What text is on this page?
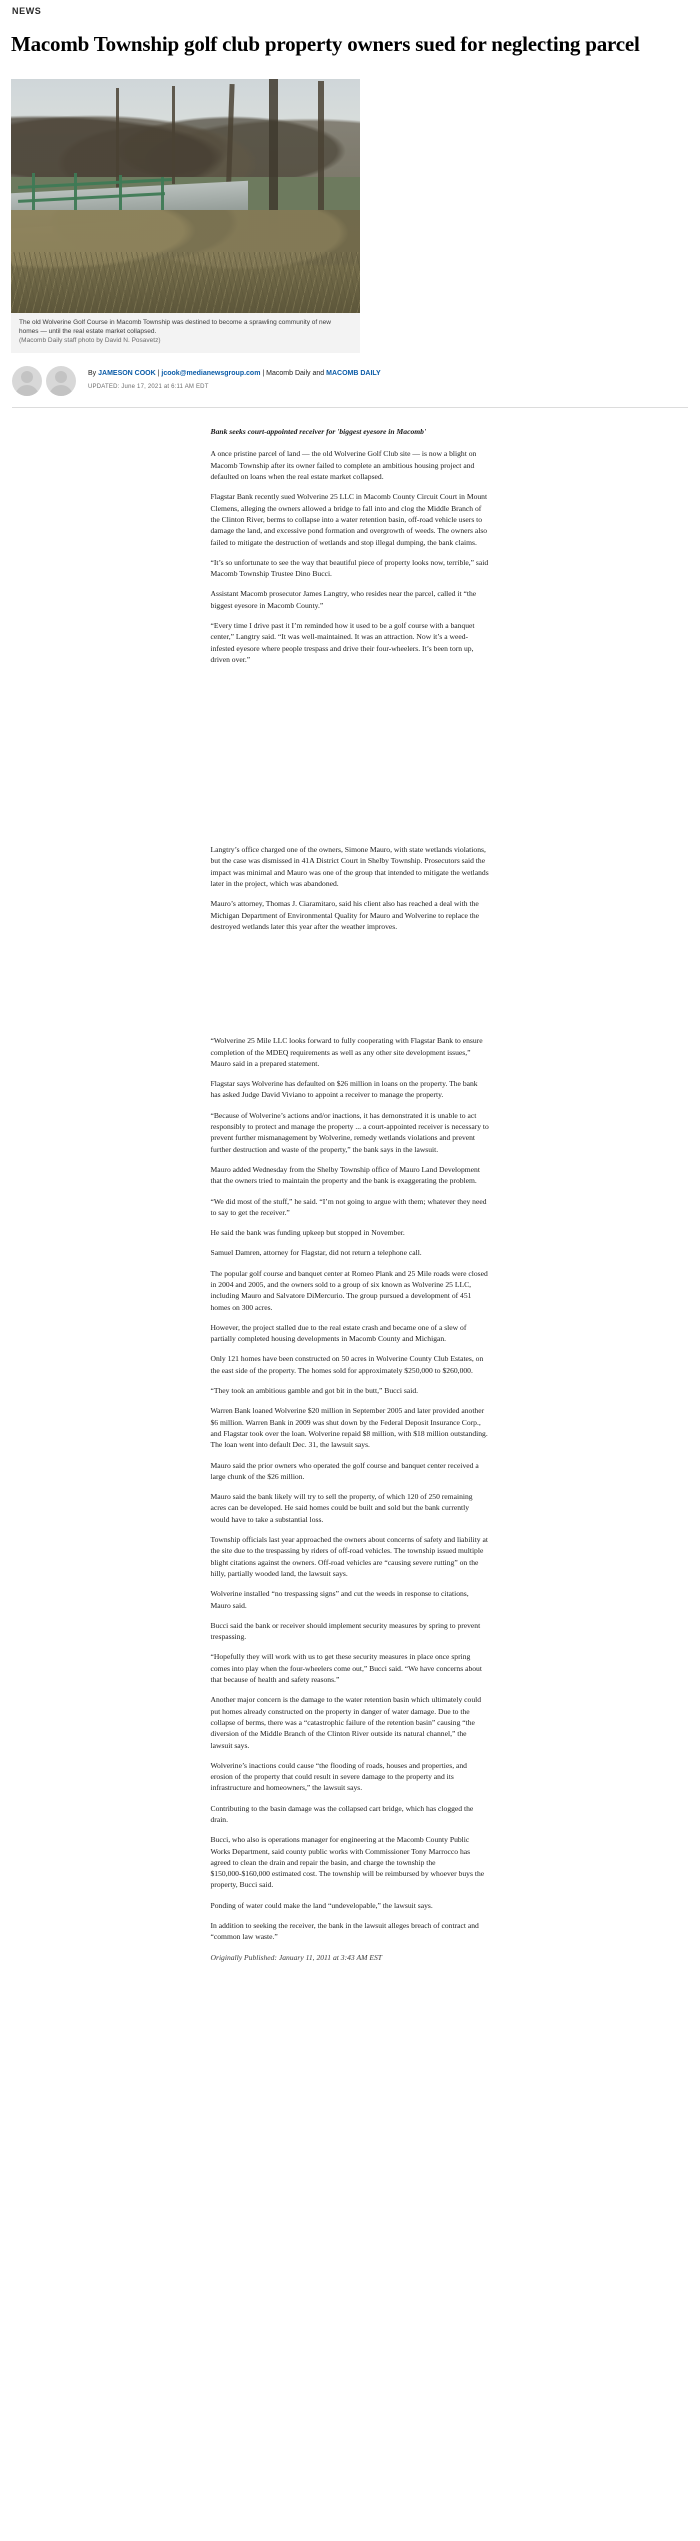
NEWS
Macomb Township golf club property owners sued for neglecting parcel
The old Wolverine Golf Course in Macomb Township was destined to become a sprawling community of new homes — until the real estate market collapsed.
(Macomb Daily staff photo by David N. Posavetz)
By JAMESON COOK | jcook@medianewsgroup.com | Macomb Daily and MACOMB DAILY
UPDATED: June 17, 2021 at 6:11 AM EDT

Bank seeks court-appointed receiver for 'biggest eyesore in Macomb'

A once pristine parcel of land — the old Wolverine Golf Club site — is now a blight on Macomb Township after its owner failed to complete an ambitious housing project and defaulted on loans when the real estate market collapsed.

Flagstar Bank recently sued Wolverine 25 LLC in Macomb County Circuit Court in Mount Clemens, alleging the owners allowed a bridge to fall into and clog the Middle Branch of the Clinton River, berms to collapse into a water retention basin, off-road vehicle users to damage the land, and excessive pond formation and overgrowth of weeds. The owners also failed to mitigate the destruction of wetlands and stop illegal dumping, the bank claims.

“It’s so unfortunate to see the way that beautiful piece of property looks now, terrible,” said Macomb Township Trustee Dino Bucci.

Assistant Macomb prosecutor James Langtry, who resides near the parcel, called it “the biggest eyesore in Macomb County.”

“Every time I drive past it I’m reminded how it used to be a golf course with a banquet center,” Langtry said. “It was well-maintained. It was an attraction. Now it’s a weed-infested eyesore where people trespass and drive their four-wheelers. It’s been torn up, driven over.”

Langtry’s office charged one of the owners, Simone Mauro, with state wetlands violations, but the case was dismissed in 41A District Court in Shelby Township. Prosecutors said the impact was minimal and Mauro was one of the group that intended to mitigate the wetlands later in the project, which was abandoned.

Mauro’s attorney, Thomas J. Ciaramitaro, said his client also has reached a deal with the Michigan Department of Environmental Quality for Mauro and Wolverine to replace the destroyed wetlands later this year after the weather improves.

“Wolverine 25 Mile LLC looks forward to fully cooperating with Flagstar Bank to ensure completion of the MDEQ requirements as well as any other site development issues,” Mauro said in a prepared statement.

Flagstar says Wolverine has defaulted on $26 million in loans on the property. The bank has asked Judge David Viviano to appoint a receiver to manage the property.

“Because of Wolverine’s actions and/or inactions, it has demonstrated it is unable to act responsibly to protect and manage the property ... a court-appointed receiver is necessary to prevent further mismanagement by Wolverine, remedy wetlands violations and prevent further destruction and waste of the property,” the bank says in the lawsuit.

Mauro added Wednesday from the Shelby Township office of Mauro Land Development that the owners tried to maintain the property and the bank is exaggerating the problem.

“We did most of the stuff,” he said. “I’m not going to argue with them; whatever they need to say to get the receiver.”

He said the bank was funding upkeep but stopped in November.

Samuel Damren, attorney for Flagstar, did not return a telephone call.

The popular golf course and banquet center at Romeo Plank and 25 Mile roads were closed in 2004 and 2005, and the owners sold to a group of six known as Wolverine 25 LLC, including Mauro and Salvatore DiMercurio. The group pursued a development of 451 homes on 300 acres.

However, the project stalled due to the real estate crash and became one of a slew of partially completed housing developments in Macomb County and Michigan.

Only 121 homes have been constructed on 50 acres in Wolverine County Club Estates, on the east side of the property. The homes sold for approximately $250,000 to $260,000.

“They took an ambitious gamble and got bit in the butt,” Bucci said.

Warren Bank loaned Wolverine $20 million in September 2005 and later provided another $6 million. Warren Bank in 2009 was shut down by the Federal Deposit Insurance Corp., and Flagstar took over the loan. Wolverine repaid $8 million, with $18 million outstanding. The loan went into default Dec. 31, the lawsuit says.

Mauro said the prior owners who operated the golf course and banquet center received a large chunk of the $26 million.

Mauro said the bank likely will try to sell the property, of which 120 of 250 remaining acres can be developed. He said homes could be built and sold but the bank currently would have to take a substantial loss.

Township officials last year approached the owners about concerns of safety and liability at the site due to the trespassing by riders of off-road vehicles. The township issued multiple blight citations against the owners. Off-road vehicles are “causing severe rutting” on the hilly, partially wooded land, the lawsuit says.

Wolverine installed “no trespassing signs” and cut the weeds in response to citations, Mauro said.

Bucci said the bank or receiver should implement security measures by spring to prevent trespassing.

“Hopefully they will work with us to get these security measures in place once spring comes into play when the four-wheelers come out,” Bucci said. “We have concerns about that because of health and safety reasons.”

Another major concern is the damage to the water retention basin which ultimately could put homes already constructed on the property in danger of water damage. Due to the collapse of berms, there was a “catastrophic failure of the retention basin” causing “the diversion of the Middle Branch of the Clinton River outside its natural channel,” the lawsuit says.

Wolverine’s inactions could cause “the flooding of roads, houses and properties, and erosion of the property that could result in severe damage to the property and its infrastructure and homeowners,” the lawsuit says.

Contributing to the basin damage was the collapsed cart bridge, which has clogged the drain.

Bucci, who also is operations manager for engineering at the Macomb County Public Works Department, said county public works with Commissioner Tony Marrocco has agreed to clean the drain and repair the basin, and charge the township the $150,000-$160,000 estimated cost. The township will be reimbursed by whoever buys the property, Bucci said.

Ponding of water could make the land “undevelopable,” the lawsuit says.

In addition to seeking the receiver, the bank in the lawsuit alleges breach of contract and “common law waste.”

Originally Published: January 11, 2011 at 3:43 AM EST
